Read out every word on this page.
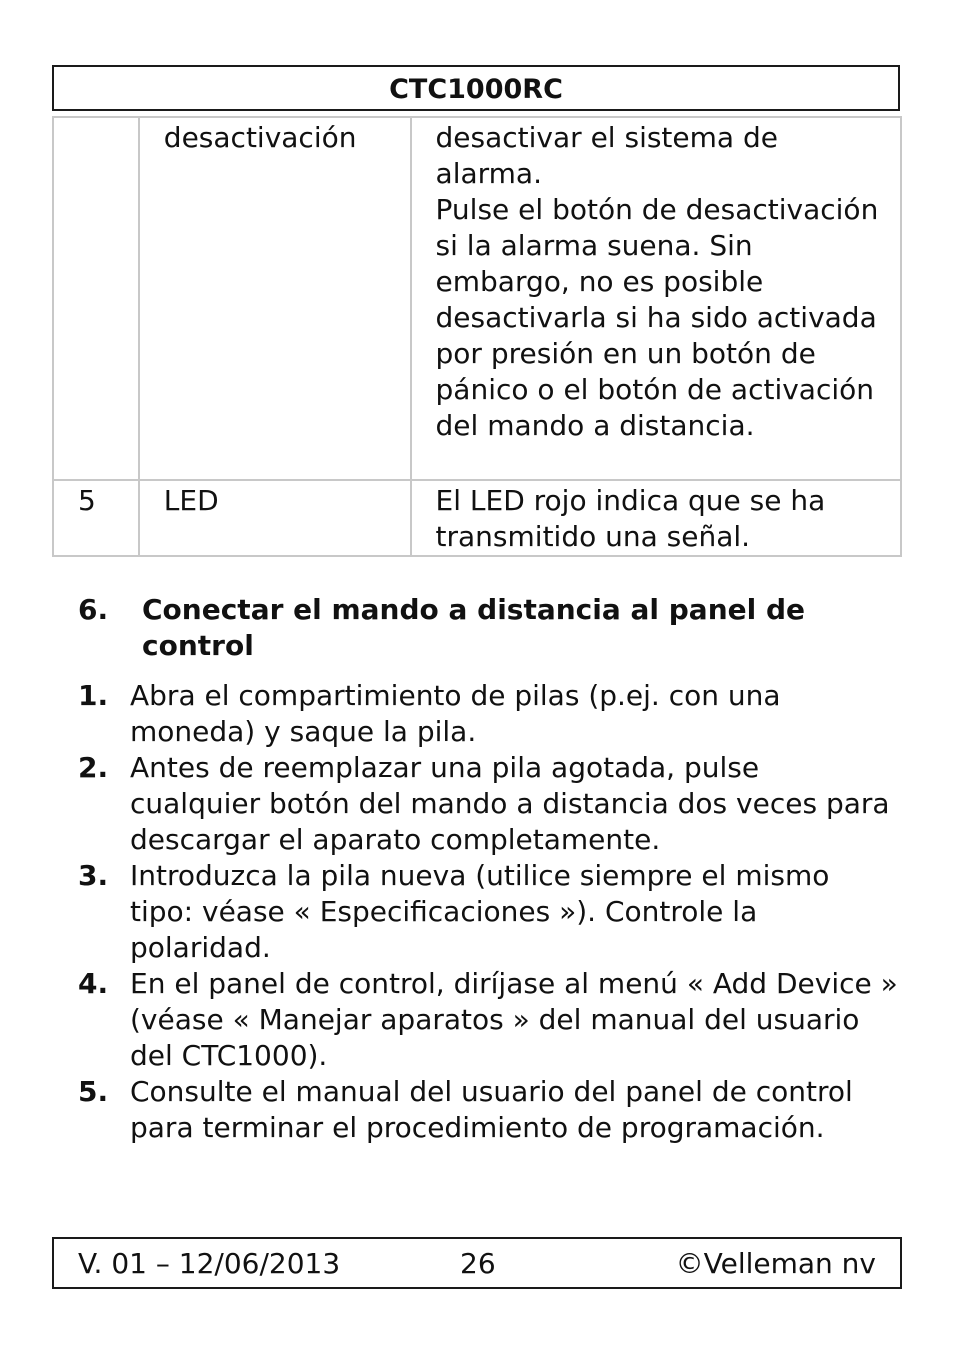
CTC1000RC
	desactivación	desactivar el sistema de alarma.
Pulse el botón de desactivación si la alarma suena. Sin embargo, no es posible desactivarla si ha sido activada por presión en un botón de pánico o el botón de activación del mando a distancia.

5	LED	El LED rojo indica que se ha transmitido una señal.
6.	Conectar el mando a distancia al panel de control
1. Abra el compartimiento de pilas (p.ej. con una moneda) y saque la pila.
2. Antes de reemplazar una pila agotada, pulse cualquier botón del mando a distancia dos veces para descargar el aparato completamente.
3. Introduzca la pila nueva (utilice siempre el mismo tipo: véase « Especificaciones »). Controle la polaridad.
4. En el panel de control, diríjase al menú « Add Device » (véase « Manejar aparatos » del manual del usuario del CTC1000).
5. Consulte el manual del usuario del panel de control para terminar el procedimiento de programación.
V. 01 – 12/06/2013	26	©Velleman nv
